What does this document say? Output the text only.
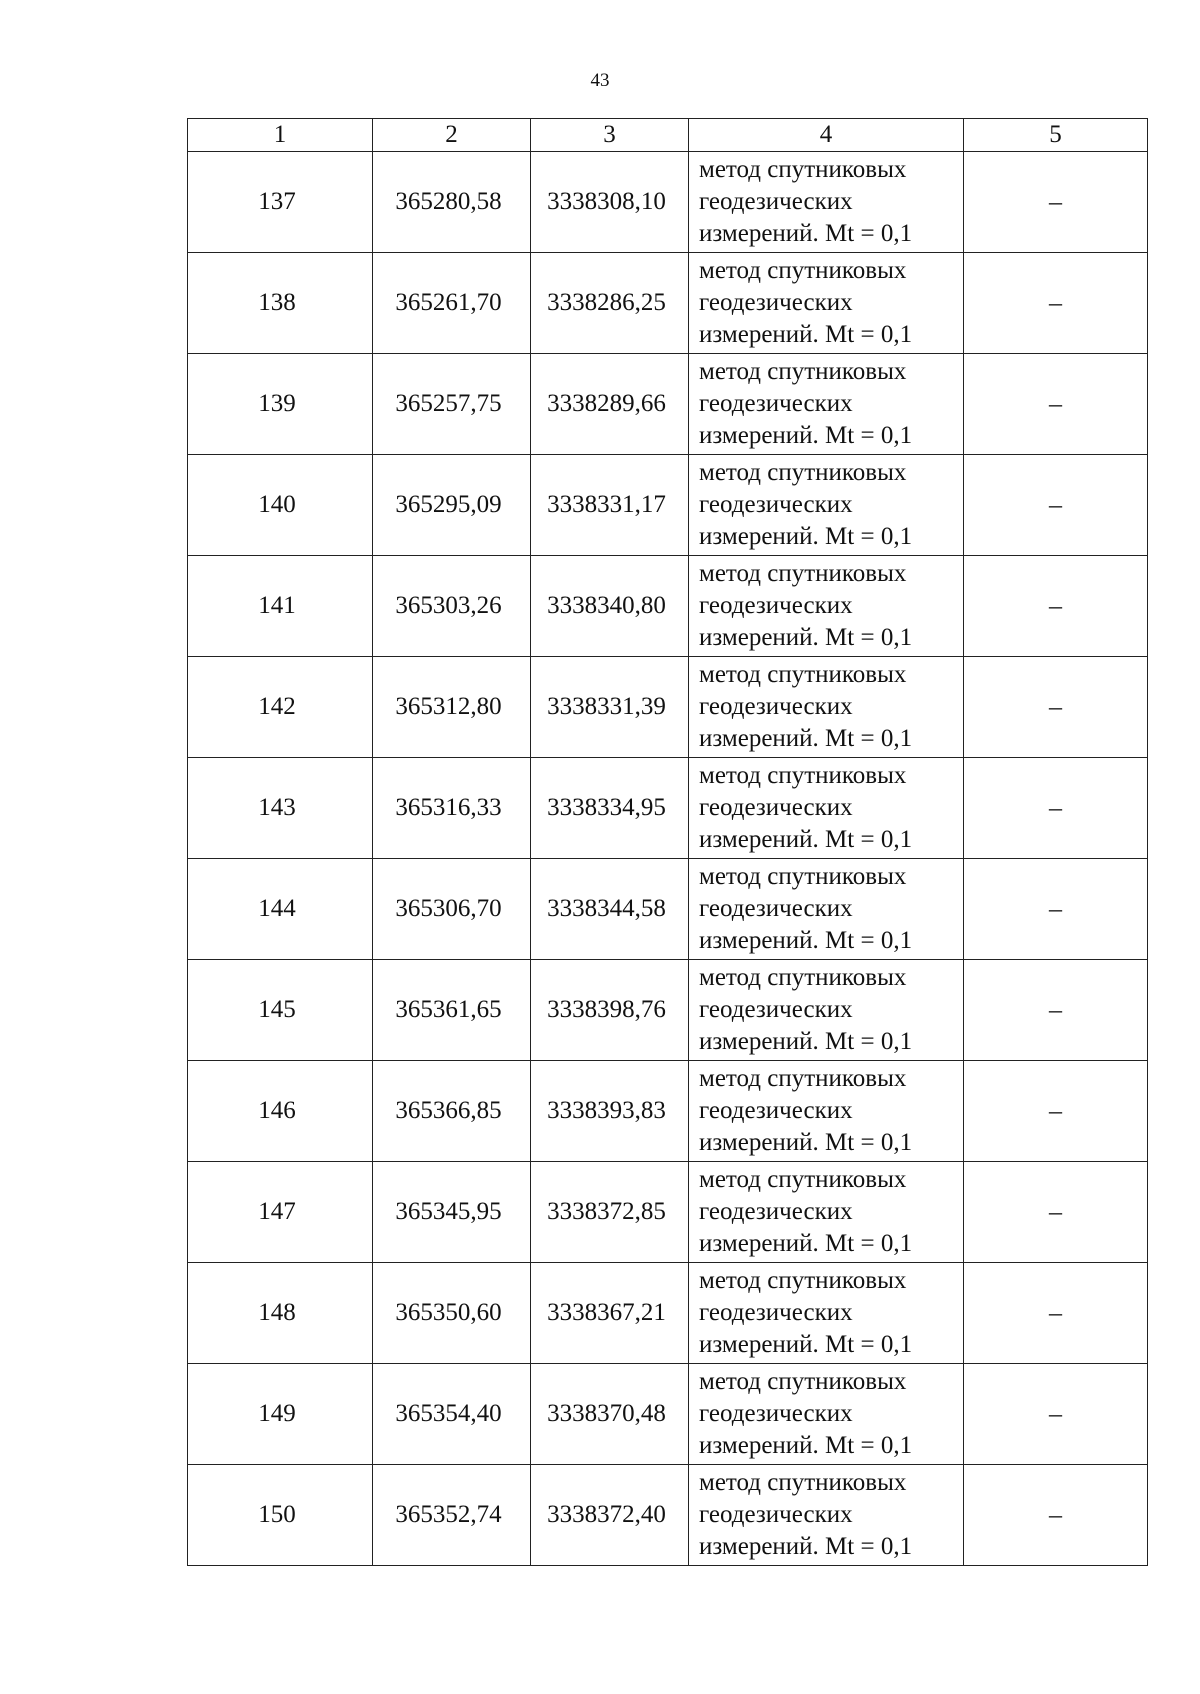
43
1	2	3	4	5
137	365280,58	3338308,10	метод спутниковых
геодезических
измерений. Mt = 0,1	–
138	365261,70	3338286,25	метод спутниковых
геодезических
измерений. Mt = 0,1	–
139	365257,75	3338289,66	метод спутниковых
геодезических
измерений. Mt = 0,1	–
140	365295,09	3338331,17	метод спутниковых
геодезических
измерений. Mt = 0,1	–
141	365303,26	3338340,80	метод спутниковых
геодезических
измерений. Mt = 0,1	–
142	365312,80	3338331,39	метод спутниковых
геодезических
измерений. Mt = 0,1	–
143	365316,33	3338334,95	метод спутниковых
геодезических
измерений. Mt = 0,1	–
144	365306,70	3338344,58	метод спутниковых
геодезических
измерений. Mt = 0,1	–
145	365361,65	3338398,76	метод спутниковых
геодезических
измерений. Mt = 0,1	–
146	365366,85	3338393,83	метод спутниковых
геодезических
измерений. Mt = 0,1	–
147	365345,95	3338372,85	метод спутниковых
геодезических
измерений. Mt = 0,1	–
148	365350,60	3338367,21	метод спутниковых
геодезических
измерений. Mt = 0,1	–
149	365354,40	3338370,48	метод спутниковых
геодезических
измерений. Mt = 0,1	–
150	365352,74	3338372,40	метод спутниковых
геодезических
измерений. Mt = 0,1	–
